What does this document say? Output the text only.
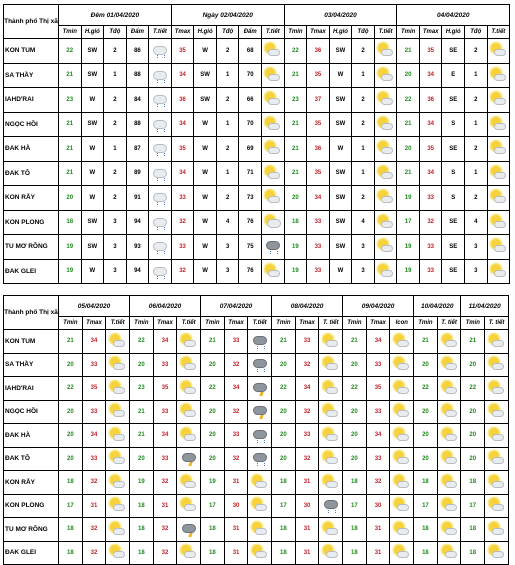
Thành phố Thị xã	Đêm 01/04/2020					Ngày 02/04/2020					03/04/2020					04/04/2020				
	Tmin	H.gió	Tđộ	Đẩm	T.tiết	Tmax	H.gió	Tđộ	Đẩm	T.tiết	Tmin	Tmax	H.gió	Tđộ	T.tiết	Tmin	Tmax	H.gió	Tđộ	T.tiết
KON TUM	22	SW	2	86		35	W	2	68		22	36	SW	2		21	35	SE	2	

SA THẦY	21	SW	1	88		34	SW	1	70		21	35	W	1		20	34	E	1	

IAHD'RAI	23	W	2	84		36	SW	2	66		23	37	SW	2		22	36	SE	2	

NGỌC HỒI	21	SW	2	88		34	W	1	70		21	35	SW	2		21	34	S	1	

ĐAK HÀ	21	W	1	87		35	W	2	69		21	36	W	1		20	35	SE	2	

ĐAK TÔ	21	W	2	89		34	W	1	71		21	35	SW	1		21	34	S	1	

KON RẪY	20	W	2	91		33	W	2	73		20	34	SW	2		19	33	S	2	

KON PLONG	18	SW	3	94		32	W	4	76		18	33	SW	4		17	32	SE	4	

TU MƠ RÔNG	19	SW	3	93		33	W	3	75		19	33	SW	3		19	33	SE	3	

ĐAK GLEI	19	W	3	94		32	W	3	76		19	33	W	3		19	33	SE	3	
Thành phố Thị xã	05/04/2020			06/04/2020			07/04/2020			08/04/2020			09/04/2020			10/04/2020		11/04/2020	
	Tmin	Tmax	T.tiết	Tmin	Tmax	T.tiết	Tmin	Tmax	T.tiết	Tmin	Tmax	T. tiết	Tmin	Tmax	Icon	Tmin	T. tiết	Tmin	T. tiết
KON TUM	21	34		22	34		21	33		21	33		21	34		21		21	

SA THẦY	20	33		20	33		20	32		20	32		20	33		20		20	

IAHD'RAI	22	35		23	35		22	34		22	34		22	35		22		22	

NGỌC HỒI	20	33		21	33		20	32		20	32		20	33		20		20	

ĐAK HÀ	20	34		21	34		20	33		20	33		20	34		20		20	

ĐAK TÔ	20	33		20	33		20	32		20	32		20	33		20		20	

KON RẪY	18	32		19	32		19	31		18	31		18	32		18		18	

KON PLONG	17	31		18	31		17	30		17	30		17	30		17		17	

TU MƠ RÔNG	18	32		18	32		18	31		18	31		18	31		18		18	

ĐAK GLEI	18	32		18	32		18	31		18	31		18	31		18		18	
